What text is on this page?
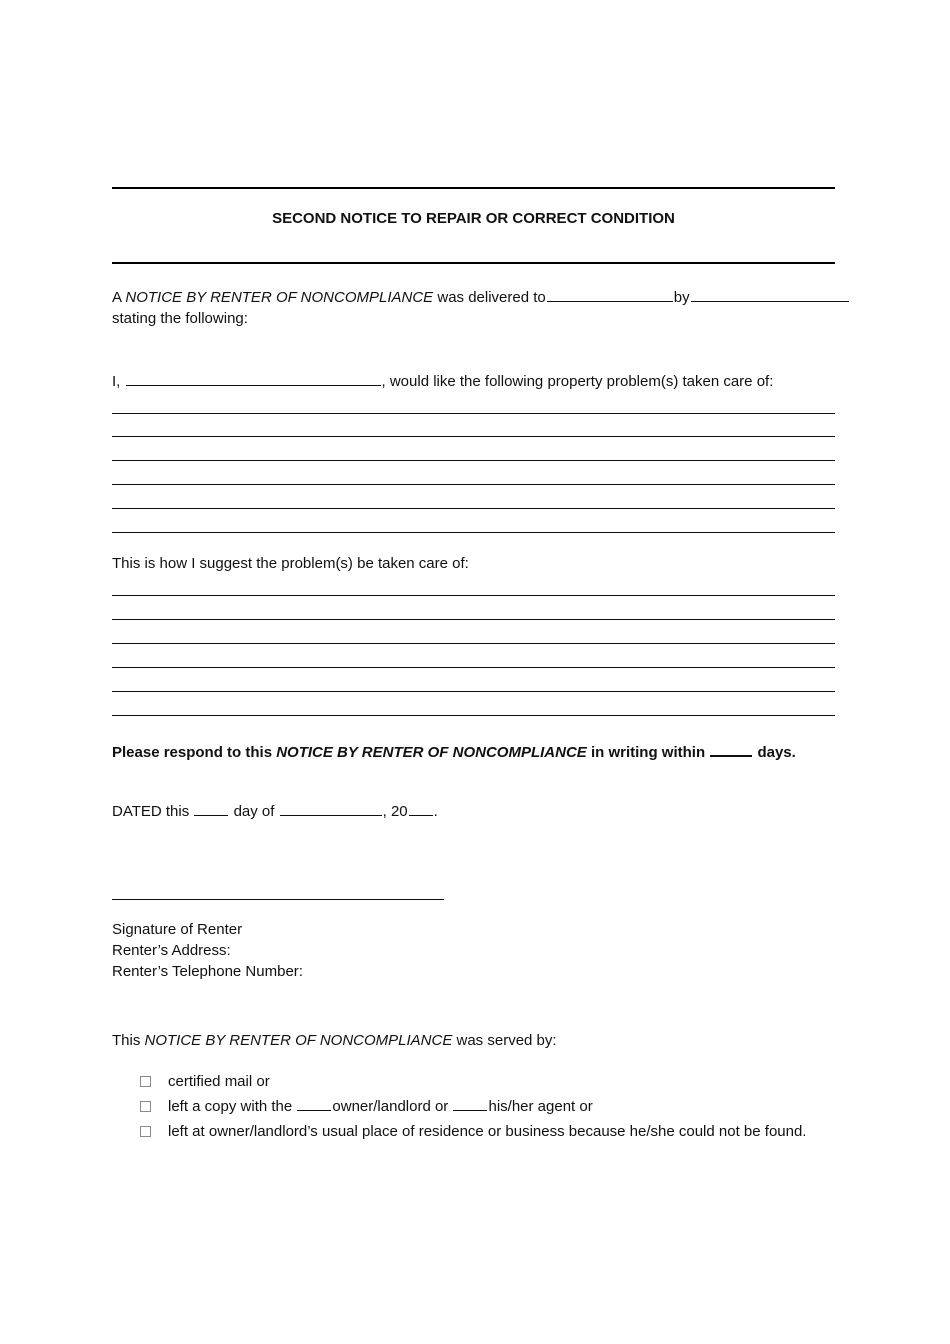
SECOND NOTICE TO REPAIR OR CORRECT CONDITION
A NOTICE BY RENTER OF NONCOMPLIANCE was delivered to	by
stating the following:
I,	, would like the following property problem(s) taken care of:
This is how I suggest the problem(s) be taken care of:
Please respond to this NOTICE BY RENTER OF NONCOMPLIANCE in writing within	days.
DATED this  day of	, 20 .
Signature of Renter
Renter’s Address:
Renter’s Telephone Number:
This NOTICE BY RENTER OF NONCOMPLIANCE was served by:
certified mail or
left a copy with the owner/landlord or his/her agent or
left at owner/landlord’s usual place of residence or business because he/she could not be found.
